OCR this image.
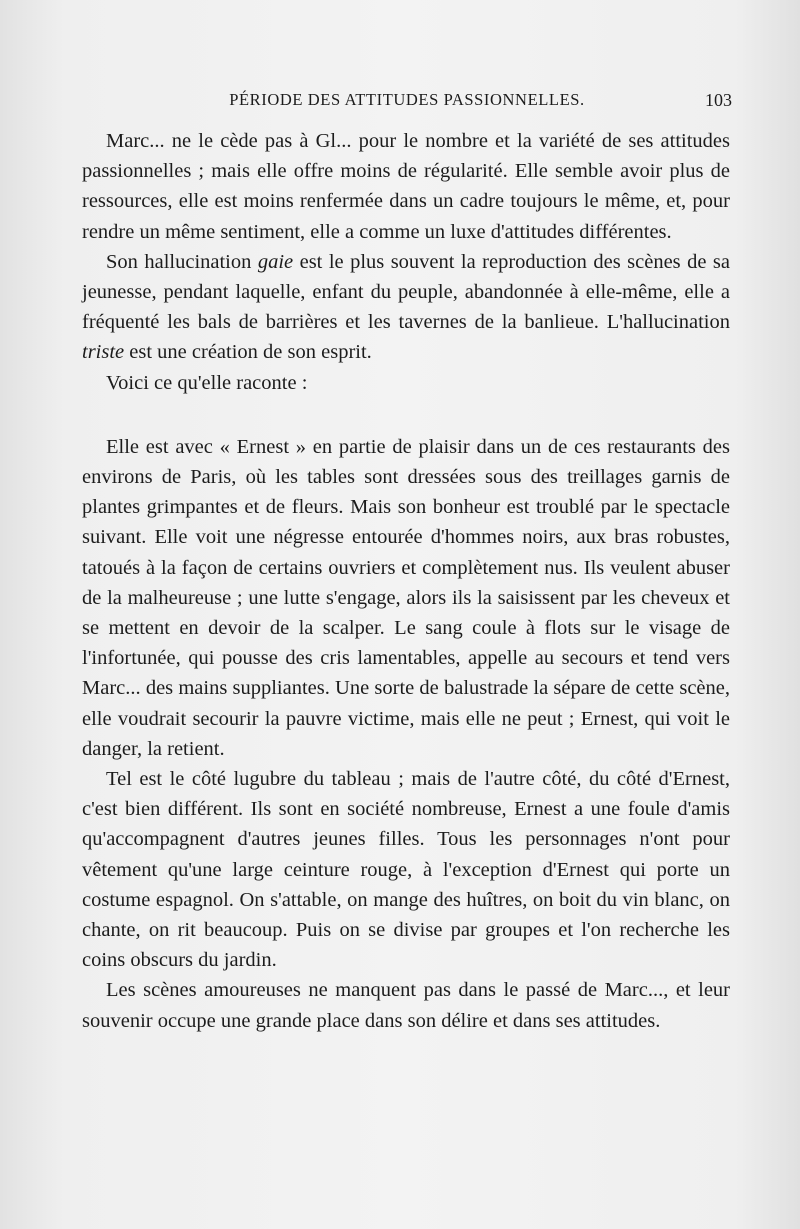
PÉRIODE DES ATTITUDES PASSIONNELLES.	103

Marc... ne le cède pas à Gl... pour le nombre et la variété de ses attitudes passionnelles ; mais elle offre moins de régularité. Elle semble avoir plus de ressources, elle est moins renfermée dans un cadre toujours le même, et, pour rendre un même sentiment, elle a comme un luxe d'attitudes différentes.

Son hallucination gaie est le plus souvent la reproduction des scènes de sa jeunesse, pendant laquelle, enfant du peuple, abandonnée à elle-même, elle a fréquenté les bals de barrières et les tavernes de la banlieue. L'hallucination triste est une création de son esprit.

Voici ce qu'elle raconte :

Elle est avec « Ernest » en partie de plaisir dans un de ces restaurants des environs de Paris, où les tables sont dressées sous des treillages garnis de plantes grimpantes et de fleurs. Mais son bonheur est troublé par le spectacle suivant. Elle voit une négresse entourée d'hommes noirs, aux bras robustes, tatoués à la façon de certains ouvriers et complètement nus. Ils veulent abuser de la malheureuse ; une lutte s'engage, alors ils la saisissent par les cheveux et se mettent en devoir de la scalper. Le sang coule à flots sur le visage de l'infortunée, qui pousse des cris lamentables, appelle au secours et tend vers Marc... des mains suppliantes. Une sorte de balustrade la sépare de cette scène, elle voudrait secourir la pauvre victime, mais elle ne peut ; Ernest, qui voit le danger, la retient.

Tel est le côté lugubre du tableau ; mais de l'autre côté, du côté d'Ernest, c'est bien différent. Ils sont en société nombreuse, Ernest a une foule d'amis qu'accompagnent d'autres jeunes filles. Tous les personnages n'ont pour vêtement qu'une large ceinture rouge, à l'exception d'Ernest qui porte un costume espagnol. On s'attable, on mange des huîtres, on boit du vin blanc, on chante, on rit beaucoup. Puis on se divise par groupes et l'on recherche les coins obscurs du jardin.

Les scènes amoureuses ne manquent pas dans le passé de Marc..., et leur souvenir occupe une grande place dans son délire et dans ses attitudes.
